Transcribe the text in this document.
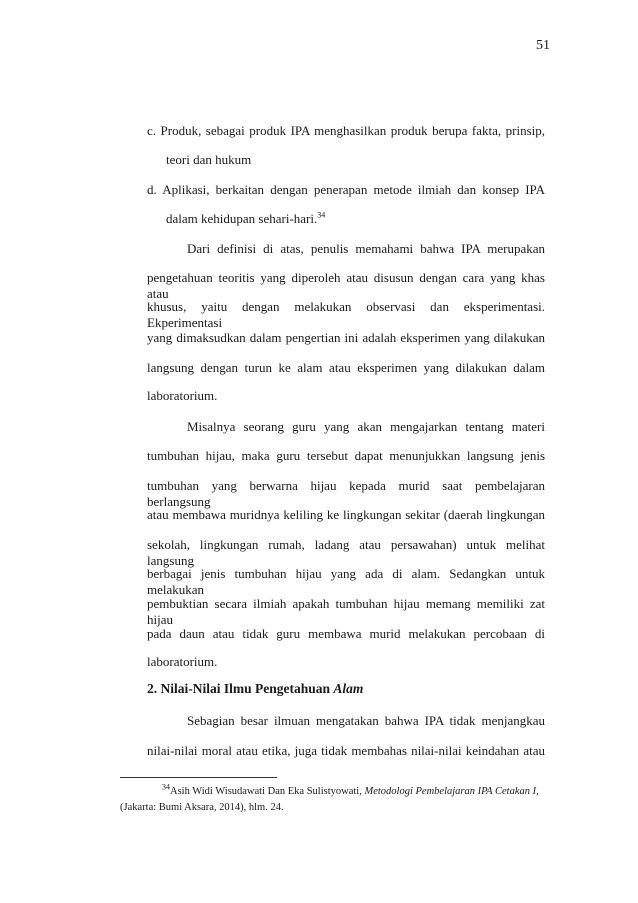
51
c. Produk, sebagai produk IPA menghasilkan produk berupa fakta, prinsip,
teori dan hukum
d. Aplikasi, berkaitan dengan penerapan metode ilmiah dan konsep IPA
dalam kehidupan sehari-hari.$^{34}$
Dari definisi di atas, penulis memahami bahwa IPA merupakan
pengetahuan teoritis yang diperoleh atau disusun dengan cara yang khas atau
khusus, yaitu dengan melakukan observasi dan eksperimentasi. Ekperimentasi
yang dimaksudkan dalam pengertian ini adalah eksperimen yang dilakukan
langsung dengan turun ke alam atau eksperimen yang dilakukan dalam
laboratorium.
Misalnya seorang guru yang akan mengajarkan tentang materi
tumbuhan hijau, maka guru tersebut dapat menunjukkan langsung jenis
tumbuhan yang berwarna hijau kepada murid saat pembelajaran berlangsung
atau membawa muridnya keliling ke lingkungan sekitar (daerah lingkungan
sekolah, lingkungan rumah, ladang atau persawahan) untuk melihat langsung
berbagai jenis tumbuhan hijau yang ada di alam. Sedangkan untuk melakukan
pembuktian secara ilmiah apakah tumbuhan hijau memang memiliki zat hijau
pada daun atau tidak guru membawa murid melakukan percobaan di
laboratorium.
2. Nilai-Nilai Ilmu Pengetahuan Alam
Sebagian besar ilmuan mengatakan bahwa IPA tidak menjangkau
nilai-nilai moral atau etika, juga tidak membahas nilai-nilai keindahan atau
$^{34}$Asih Widi Wisudawati Dan Eka Sulistyowati, Metodologi Pembelajaran IPA Cetakan I,
(Jakarta: Bumi Aksara, 2014), hlm. 24.
